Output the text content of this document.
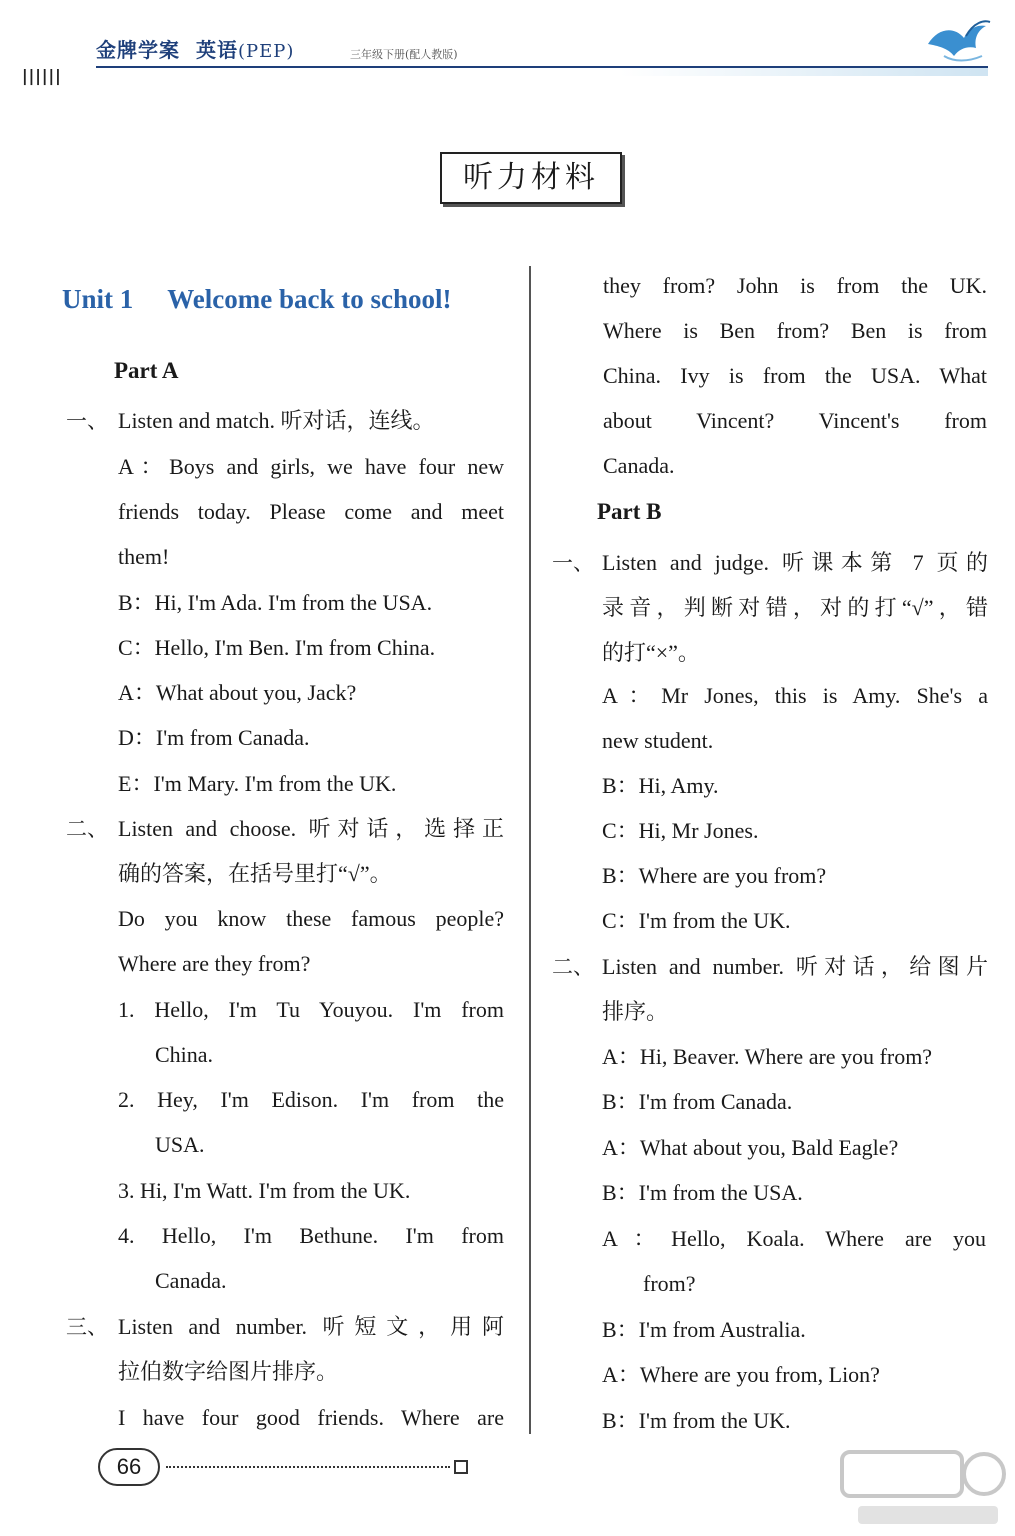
||||||
金牌学案 英语(PEP)	三年级下册(配人教版)
听力材料
Unit 1 Welcome back to school!
Part A
一、 Listen and match. 听对话，连线。
A：Boys and girls, we have four new
friends today. Please come and meet
them!
B：Hi, I'm Ada. I'm from the USA.
C：Hello, I'm Ben. I'm from China.
A：What about you, Jack?
D：I'm from Canada.
E：I'm Mary. I'm from the UK.
二、 Listen and choose. 听对话，选择正
确的答案，在括号里打“√”。
Do you know these famous people?
Where are they from?
1. Hello, I'm Tu Youyou. I'm from
China.
2. Hey, I'm Edison. I'm from the
USA.
3. Hi, I'm Watt. I'm from the UK.
4. Hello, I'm Bethune. I'm from
Canada.
三、 Listen and number. 听短文，用阿
拉伯数字给图片排序。
I have four good friends. Where are
they from? John is from the UK.
Where is Ben from? Ben is from
China. Ivy is from the USA. What
about Vincent? Vincent's from
Canada.
Part B
一、 Listen and judge. 听课本第 7 页的
录音，判断对错，对的打“√”，错
的打“×”。
A：Mr Jones, this is Amy. She's a
new student.
B：Hi, Amy.
C：Hi, Mr Jones.
B：Where are you from?
C：I'm from the UK.
二、 Listen and number. 听对话，给图片
排序。
A：Hi, Beaver. Where are you from?
B：I'm from Canada.
A：What about you, Bald Eagle?
B：I'm from the USA.
A：Hello, Koala. Where are you
from?
B：I'm from Australia.
A：Where are you from, Lion?
B：I'm from the UK.
66
